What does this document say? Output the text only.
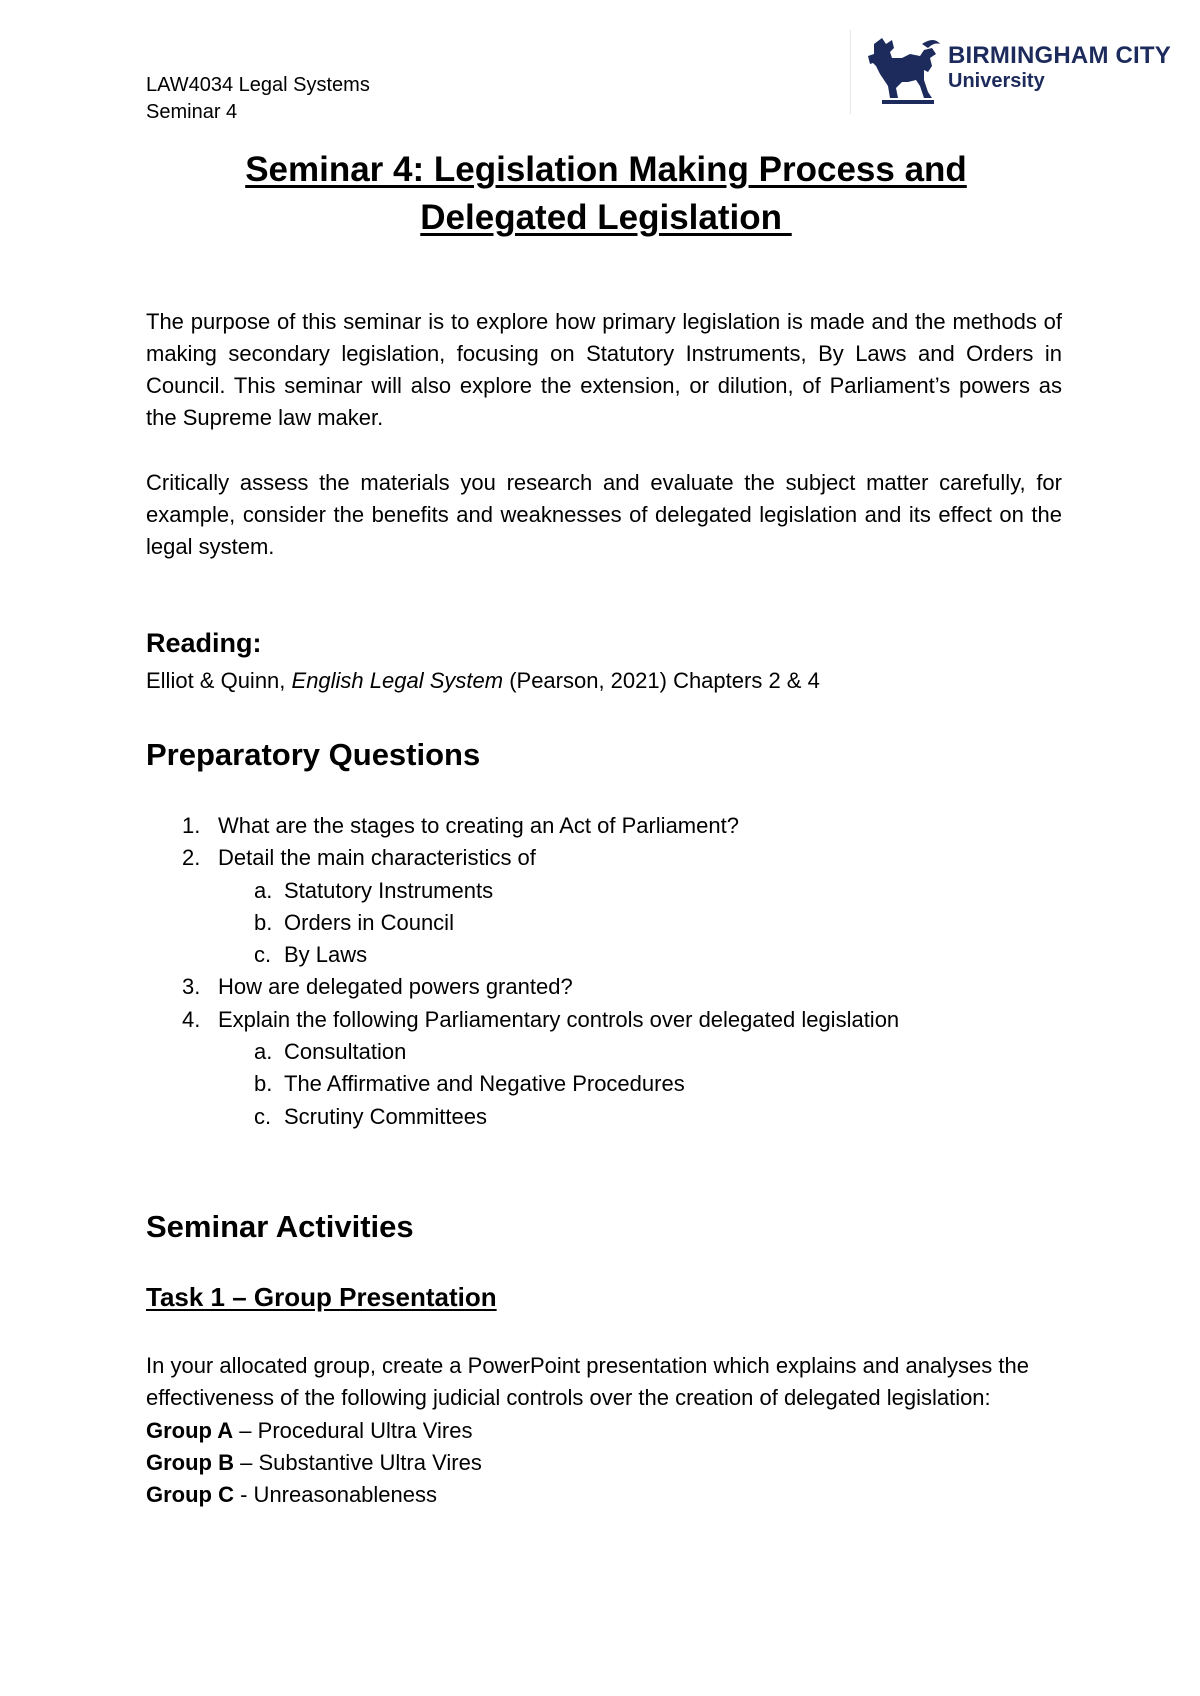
LAW4034 Legal Systems
Seminar 4
BIRMINGHAM CITY
University
Seminar 4: Legislation Making Process and
Delegated Legislation
The purpose of this seminar is to explore how primary legislation is made and the methods of making secondary legislation, focusing on Statutory Instruments, By Laws and Orders in Council. This seminar will also explore the extension, or dilution, of Parliament’s powers as the Supreme law maker.
Critically assess the materials you research and evaluate the subject matter carefully, for example, consider the benefits and weaknesses of delegated legislation and its effect on the legal system.
Reading:
Elliot & Quinn, English Legal System (Pearson, 2021) Chapters 2 & 4
Preparatory Questions
1. What are the stages to creating an Act of Parliament?
2. Detail the main characteristics of
a. Statutory Instruments
b. Orders in Council
c. By Laws
3. How are delegated powers granted?
4. Explain the following Parliamentary controls over delegated legislation
a. Consultation
b. The Affirmative and Negative Procedures
c. Scrutiny Committees
Seminar Activities
Task 1 – Group Presentation
In your allocated group, create a PowerPoint presentation which explains and analyses the effectiveness of the following judicial controls over the creation of delegated legislation:
Group A – Procedural Ultra Vires
Group B – Substantive Ultra Vires
Group C - Unreasonableness
